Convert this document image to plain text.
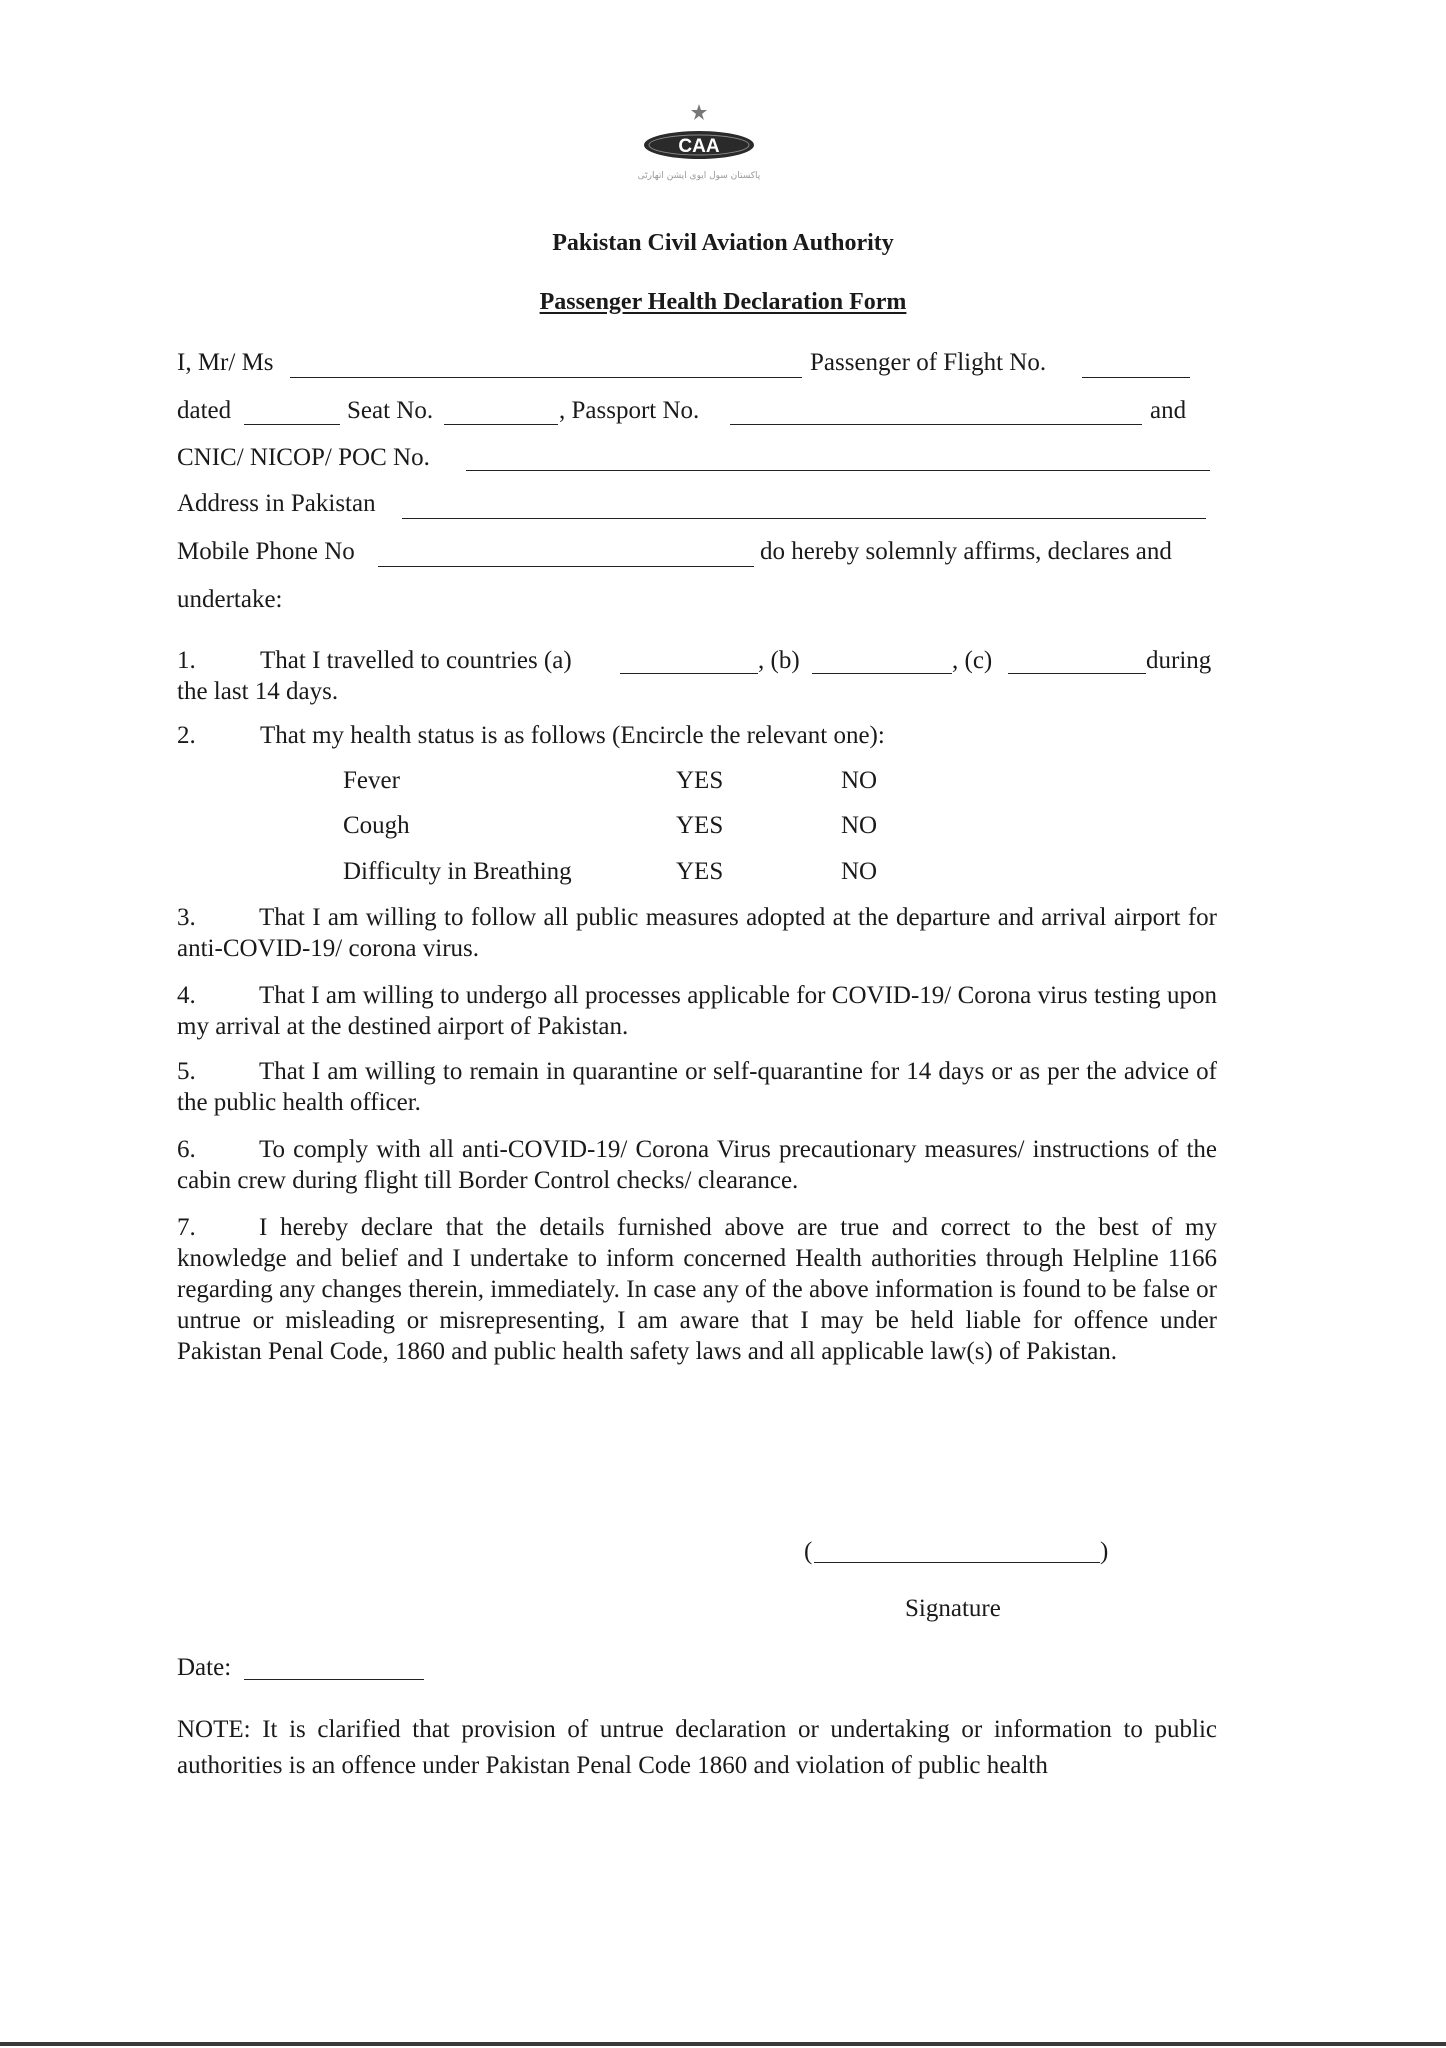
CAA
پاکستان سول ایوی ایشن اتھارٹی
Pakistan Civil Aviation Authority
Passenger Health Declaration Form
I, Mr/ Ms	Passenger of Flight No.
dated	Seat No.	, Passport No.	and
CNIC/ NICOP/ POC No.
Address in Pakistan
Mobile Phone No	do hereby solemnly affirms, declares and
undertake:
1.	That I travelled to countries (a)	, (b)	, (c)	during
the last 14 days.
2.	That my health status is as follows (Encircle the relevant one):
Fever	YES	NO
Cough	YES	NO
Difficulty in Breathing	YES	NO
3.	That I am willing to follow all public measures adopted at the departure and arrival airport for anti-COVID-19/ corona virus.
4.	That I am willing to undergo all processes applicable for COVID-19/ Corona virus testing upon my arrival at the destined airport of Pakistan.
5.	That I am willing to remain in quarantine or self-quarantine for 14 days or as per the advice of the public health officer.
6.	To comply with all anti-COVID-19/ Corona Virus precautionary measures/ instructions of the cabin crew during flight till Border Control checks/ clearance.
7.	I hereby declare that the details furnished above are true and correct to the best of my knowledge and belief and I undertake to inform concerned Health authorities through Helpline 1166 regarding any changes therein, immediately. In case any of the above information is found to be false or untrue or misleading or misrepresenting, I am aware that I may be held liable for offence under Pakistan Penal Code, 1860 and public health safety laws and all applicable law(s) of Pakistan.
(	)
Signature
Date:
NOTE: It is clarified that provision of untrue declaration or undertaking or information to public authorities is an offence under Pakistan Penal Code 1860 and violation of public health
